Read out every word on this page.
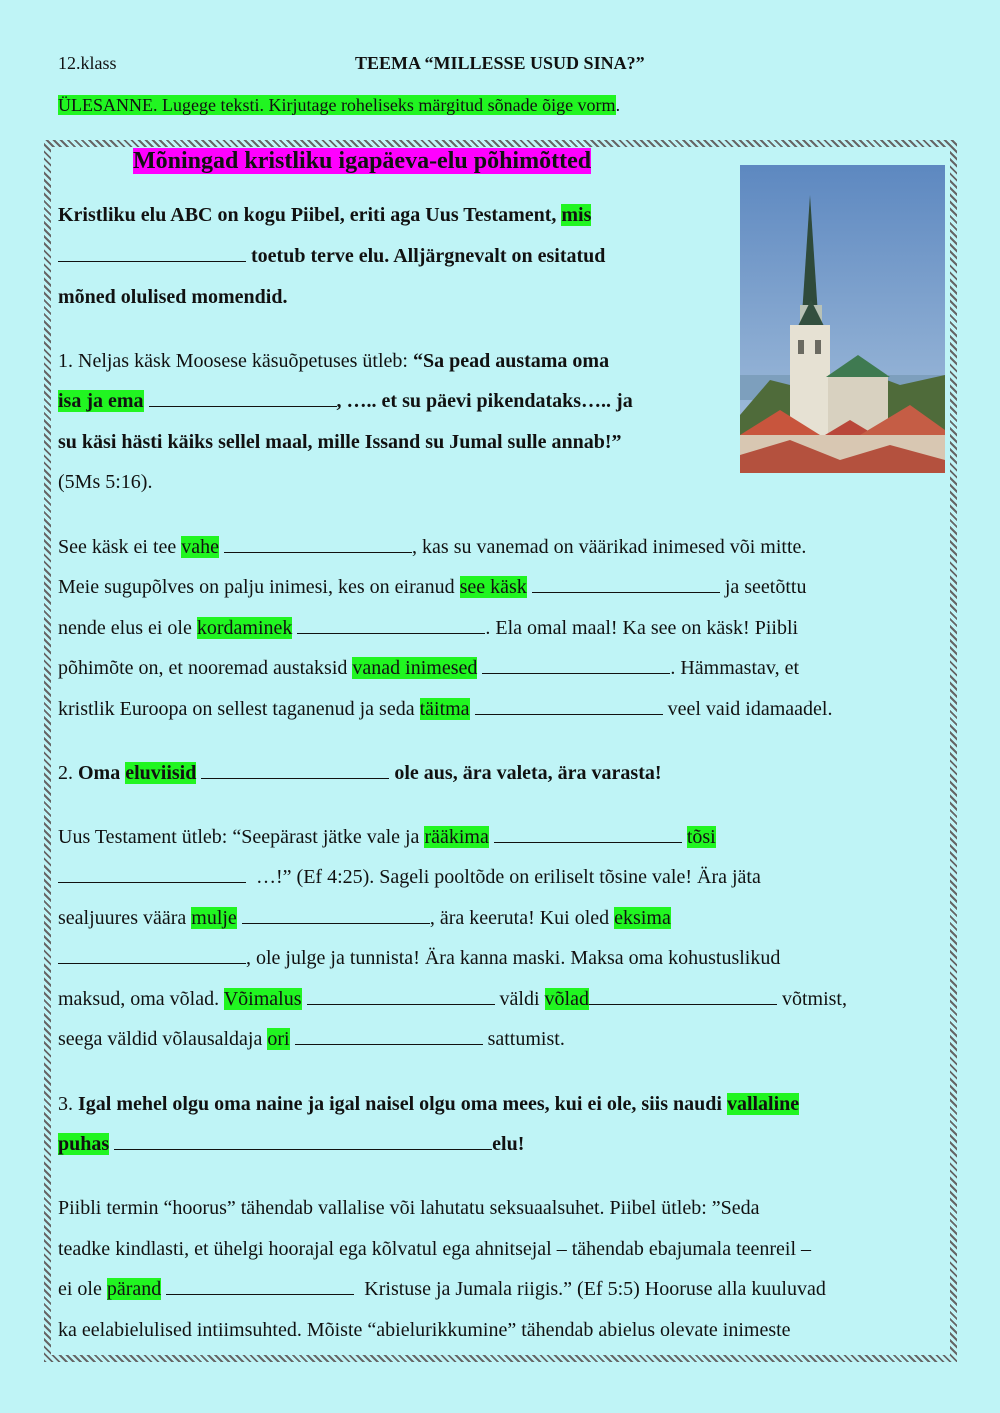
12.klass	TEEMA “MILLESSE USUD SINA?”
ÜLESANNE. Lugege teksti. Kirjutage roheliseks märgitud sõnade õige vorm.
Mõningad kristliku igapäeva-elu põhimõtted
Kristliku elu ABC on kogu Piibel, eriti aga Uus Testament, mis
toetub terve elu. Alljärgnevalt on esitatud
mõned olulised momendid.
1. Neljas käsk Moosese käsuõpetuses ütleb: “Sa pead austama oma
isa ja ema	, ….. et su päevi pikendataks….. ja
su käsi hästi käiks sellel maal, mille Issand su Jumal sulle annab!”
(5Ms 5:16).
See käsk ei tee vahe	, kas su vanemad on väärikad inimesed või mitte.
Meie sugupõlves on palju inimesi, kes on eiranud see käsk	ja seetõttu
nende elus ei ole kordaminek	. Ela omal maal! Ka see on käsk! Piibli
põhimõte on, et nooremad austaksid vanad inimesed	. Hämmastav, et
kristlik Euroopa on sellest taganenud ja seda täitma	veel vaid idamaadel.
2. Oma eluviisid	ole aus, ära valeta, ära varasta!
Uus Testament ütleb: “Seepärast jätke vale ja rääkima	tõsi
…!” (Ef 4:25). Sageli pooltõde on eriliselt tõsine vale! Ära jäta
sealjuures väära mulje	, ära keeruta! Kui oled eksima
, ole julge ja tunnista! Ära kanna maski. Maksa oma kohustuslikud
maksud, oma võlad. Võimalus	väldi võlad	võtmist,
seega väldid võlausaldaja ori	sattumist.
3. Igal mehel olgu oma naine ja igal naisel olgu oma mees, kui ei ole, siis naudi vallaline
puhas	elu!
Piibli termin “hoorus” tähendab vallalise või lahutatu seksuaalsuhet. Piibel ütleb: ”Seda
teadke kindlasti, et ühelgi hoorajal ega kõlvatul ega ahnitsejal – tähendab ebajumala teenreil –
ei ole pärand	Kristuse ja Jumala riigis.” (Ef 5:5) Hooruse alla kuuluvad
ka eelabielulised intiimsuhted. Mõiste “abielurikkumine” tähendab abielus olevate inimeste
